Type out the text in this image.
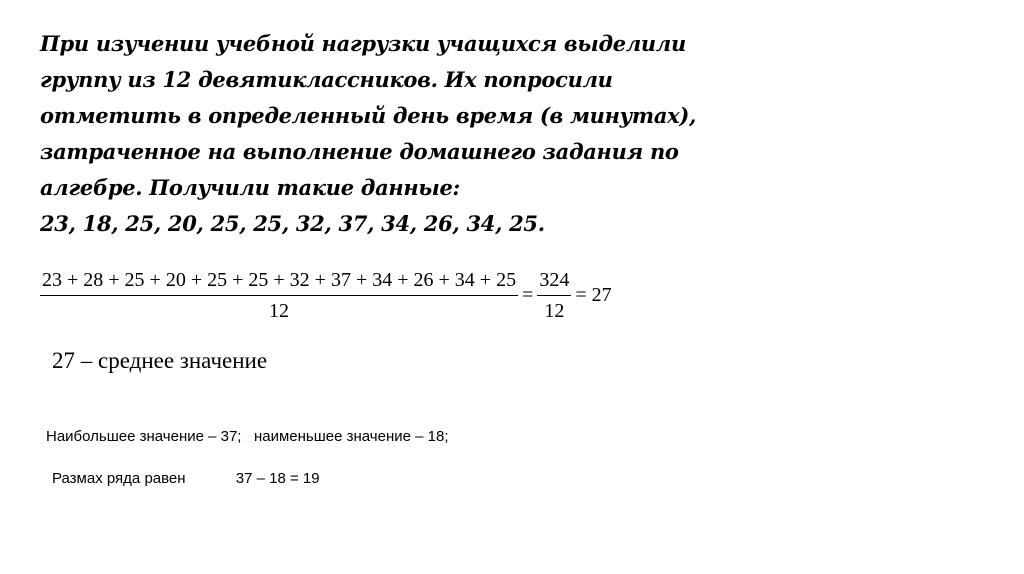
При изучении учебной нагрузки учащихся выделили
группу из 12 девятиклассников. Их попросили
отметить в определенный день время (в минутах),
затраченное на выполнение домашнего задания по
алгебре. Получили такие данные:
23, 18, 25, 20, 25, 25, 32, 37, 34, 26, 34, 25.
$\frac{23 + 28 + 25 + 20 + 25 + 25 + 32 + 37 + 34 + 26 + 34 + 25}{12} = \frac{324}{12} = 27$
27 – среднее значение
Наибольшее значение – 37;   наименьшее значение – 18;
Размах ряда равен	37 – 18 = 19
